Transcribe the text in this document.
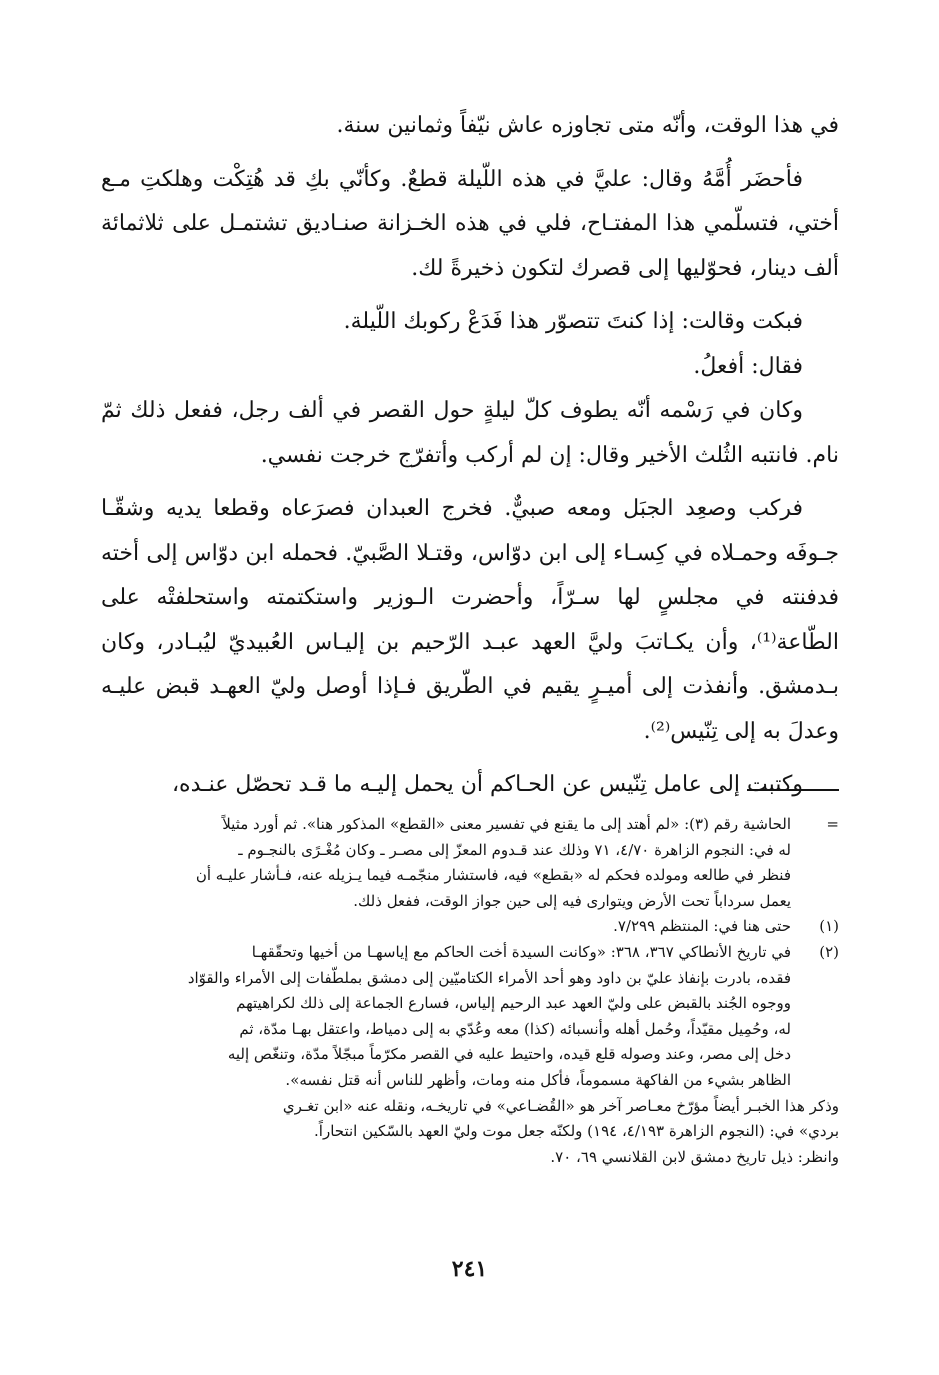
في هذا الوقت، وأنّه متى تجاوزه عاش نيّفاً وثمانين سنة.

فأحضَر أُمَّهُ وقال: عليَّ في هذه اللّيلة قطعٌ. وكأنّي بكِ قد هُتِكْت وهلكتِ مـع أختي، فتسلّمي هذا المفتـاح، فلي في هذه الخـزانة صنـاديق تشتمـل على ثلاثمائة ألف دينار، فحوّليها إلى قصرك لتكون ذخيرةً لك.

فبكت وقالت: إذا كنتَ تتصوّر هذا فَدَعْ ركوبك اللّيلة.

فقال: أفعلُ.

وكان في رَسْمه أنّه يطوف كلّ ليلةٍ حول القصر في ألف رجل، ففعل ذلك ثمّ نام. فانتبه الثُلث الأخير وقال: إن لم أركب وأتفرّج خرجت نفسي.

فركب وصعِد الجبَل ومعه صبيٌّ. فخرج العبدان فصرَعاه وقطعا يديه وشقّـا جـوفَه وحمـلاه في كِسـاء إلى ابن دوّاس، وقتـلا الصَّبيّ. فحمله ابن دوّاس إلى أخته فدفنته في مجلسٍ لها سـرّاً، وأحضرت الـوزير واستكتمته واستحلفتْه على الطّاعة⁽¹⁾، وأن يكـاتبَ وليَّ العهد عبـد الرّحيم بن إليـاس العُبيديّ ليُبـادر، وكان بـدمشق. وأنفذت إلى أميـرٍ يقيم في الطّريق فـإذا أوصل وليّ العهـد قبض عليـه وعدلَ به إلى تِنّيس⁽²⁾.

وكتبت إلى عامل تِنّيس عن الحـاكم أن يحمل إليـه ما قـد تحصّل عنـده،

=
الحاشية رقم (٣): «لم أهتد إلى ما يقنع في تفسير معنى «القطع» المذكور هنا». ثم أورد مثيلاً
له في: النجوم الزاهرة ٤/٧٠، ٧١ وذلك عند قـدوم المعزّ إلى مصـر ـ وكان مُغْـرًى بالنجـوم ـ
فنظر في طالعه ومولده فحكم له «بقطع» فيه، فاستشار منجّمـه فيما يـزيله عنه، فـأشار عليـه أن
يعمل سرداباً تحت الأرض ويتوارى فيه إلى حين جواز الوقت، ففعل ذلك.
(١)
حتى هنا في: المنتظم ٧/٢٩٩.
(٢)
في تاريخ الأنطاكي ٣٦٧، ٣٦٨: «وكانت السيدة أخت الحاكم مع إياسهـا من أخيها وتحقّقهـا
فقده، بادرت بإنفاذ عليّ بن داود وهو أحد الأمراء الكتاميّين إلى دمشق بملطّفات إلى الأمراء والقوّاد
ووجوه الجُند بالقبض على وليّ العهد عبد الرحيم إلياس، فسارع الجماعة إلى ذلك لكراهيتهم
له، وحُمِيل مقيّداً، وحُمل أهله وأنسبائه (كذا) معه وعُدّي به إلى دمياط، واعتقل بهـا مدّة، ثم
دخل إلى مصر، وعند وصوله قلع قيده، واحتيط عليه في القصر مكرّماً مبجّلاً مدّة، وتنغّص إليه
الظاهر بشيء من الفاكهة مسموماً، فأكل منه ومات، وأظهر للناس أنه قتل نفسه».
وذكر هذا الخبـر أيضاً مؤرّخ معـاصر آخر هو «القُضـاعي» في تاريخـه، ونقله عنه «ابن تغـري
بردي» في: (النجوم الزاهرة ٤/١٩٣، ١٩٤) ولكنّه جعل موت وليّ العهد بالسّكين انتحاراً.
وانظر: ذيل تاريخ دمشق لابن القلانسي ٦٩، ٧٠.
٢٤١
